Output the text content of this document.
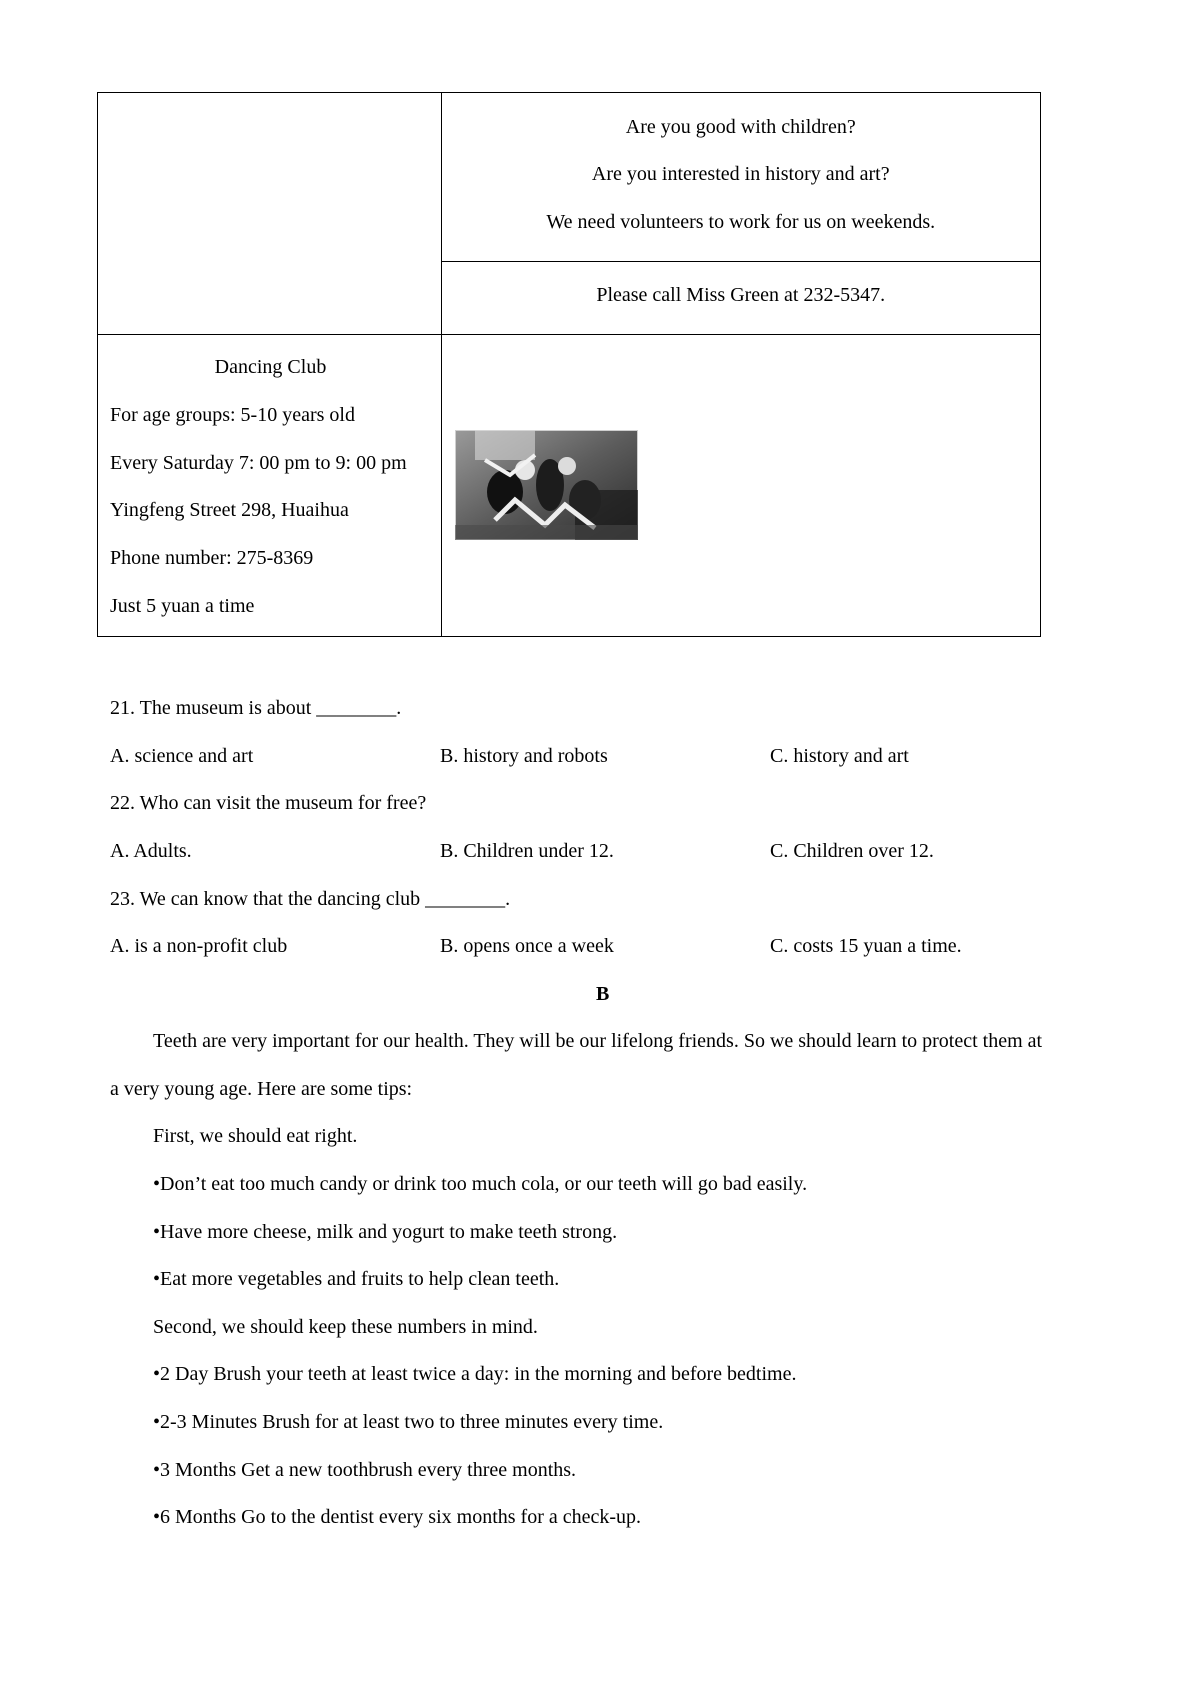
Are you good with children?
Are you interested in history and art?
We need volunteers to work for us on weekends.
Please call Miss Green at 232-5347.
Dancing Club
For age groups: 5-10 years old
Every Saturday 7: 00 pm to 9: 00 pm
Yingfeng Street 298, Huaihua
Phone number: 275-8369
Just 5 yuan a time
21. The museum is about ________.
A. science and art	B. history and robots	C. history and art
22. Who can visit the museum for free?
A. Adults.	B. Children under 12.	C. Children over 12.
23. We can know that the dancing club ________.
A. is a non-profit club	B. opens once a week	C. costs 15 yuan a time.
B
Teeth are very important for our health. They will be our lifelong friends. So we should learn to protect them at
a very young age. Here are some tips:
First, we should eat right.
•Don’t eat too much candy or drink too much cola, or our teeth will go bad easily.
•Have more cheese, milk and yogurt to make teeth strong.
•Eat more vegetables and fruits to help clean teeth.
Second, we should keep these numbers in mind.
•2 Day Brush your teeth at least twice a day: in the morning and before bedtime.
•2-3 Minutes Brush for at least two to three minutes every time.
•3 Months Get a new toothbrush every three months.
•6 Months Go to the dentist every six months for a check-up.
